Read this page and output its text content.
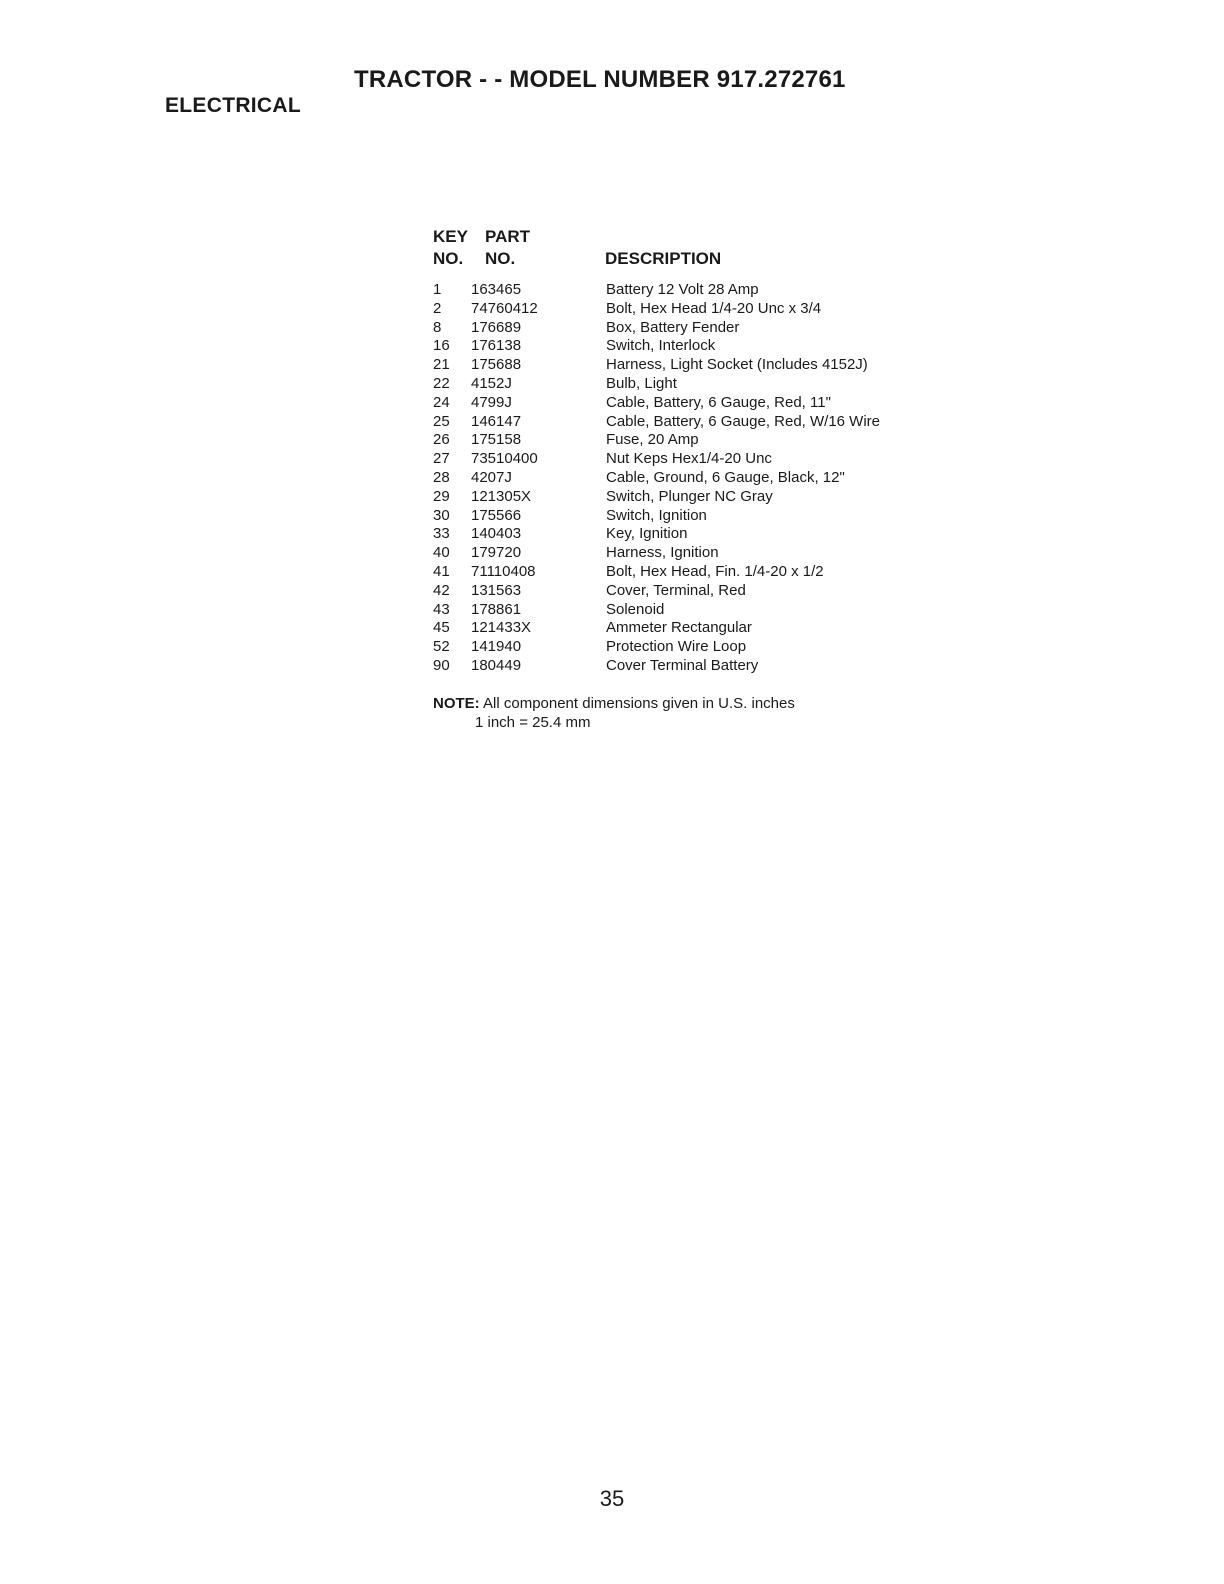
TRACTOR - - MODEL NUMBER 917.272761
ELECTRICAL
KEY
NO.
PART
NO.	DESCRIPTION
1 163465	Battery 12 Volt 28 Amp
2 74760412	Bolt, Hex Head 1/4-20 Unc x 3/4
8 176689	Box, Battery Fender
16 176138	Switch, Interlock
21 175688	Harness, Light Socket (Includes 4152J)
22 4152J	Bulb, Light
24 4799J	Cable, Battery, 6 Gauge, Red, 11"
25 146147	Cable, Battery, 6 Gauge, Red, W/16 Wire
26 175158	Fuse, 20 Amp
27 73510400	Nut Keps Hex1/4-20 Unc
28 4207J	Cable, Ground, 6 Gauge, Black, 12"
29 121305X	Switch, Plunger NC Gray
30 175566	Switch, Ignition
33 140403	Key, Ignition
40 179720	Harness, Ignition
41 71110408	Bolt, Hex Head, Fin. 1/4-20 x 1/2
42 131563	Cover, Terminal, Red
43 178861	Solenoid
45 121433X	Ammeter Rectangular
52 141940	Protection Wire Loop
90 180449	Cover Terminal Battery
NOTE: All component dimensions given in U.S. inches
1 inch = 25.4 mm
35
